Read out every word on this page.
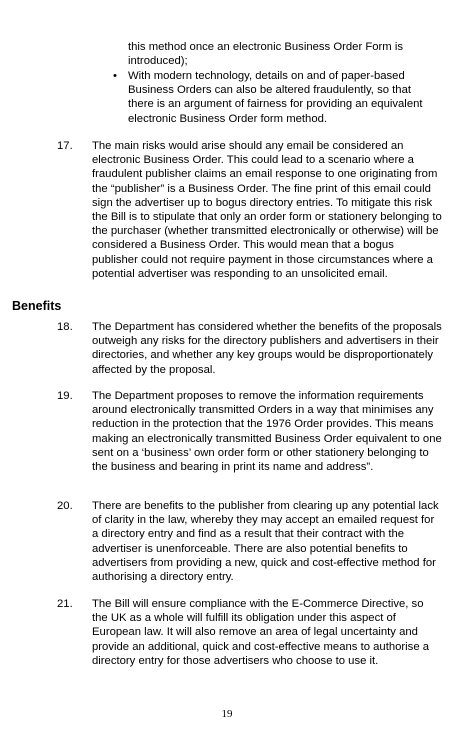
this method once an electronic Business Order Form is introduced);
• With modern technology, details on and of paper-based Business Orders can also be altered fraudulently, so that there is an argument of fairness for providing an equivalent electronic Business Order form method.
17.	The main risks would arise should any email be considered an electronic Business Order. This could lead to a scenario where a fraudulent publisher claims an email response to one originating from the “publisher” is a Business Order. The fine print of this email could sign the advertiser up to bogus directory entries. To mitigate this risk the Bill is to stipulate that only an order form or stationery belonging to the purchaser (whether transmitted electronically or otherwise) will be considered a Business Order. This would mean that a bogus publisher could not require payment in those circumstances where a potential advertiser was responding to an unsolicited email.
Benefits
18.	The Department has considered whether the benefits of the proposals outweigh any risks for the directory publishers and advertisers in their directories, and whether any key groups would be disproportionately affected by the proposal.
19.	The Department proposes to remove the information requirements around electronically transmitted Orders in a way that minimises any reduction in the protection that the 1976 Order provides. This means making an electronically transmitted Business Order equivalent to one sent on a ‘business’ own order form or other stationery belonging to the business and bearing in print its name and address”.
20.	There are benefits to the publisher from clearing up any potential lack of clarity in the law, whereby they may accept an emailed request for a directory entry and find as a result that their contract with the advertiser is unenforceable. There are also potential benefits to advertisers from providing a new, quick and cost-effective method for authorising a directory entry.
21.	The Bill will ensure compliance with the E-Commerce Directive, so the UK as a whole will fulfill its obligation under this aspect of European law. It will also remove an area of legal uncertainty and provide an additional, quick and cost-effective means to authorise a directory entry for those advertisers who choose to use it.
19
